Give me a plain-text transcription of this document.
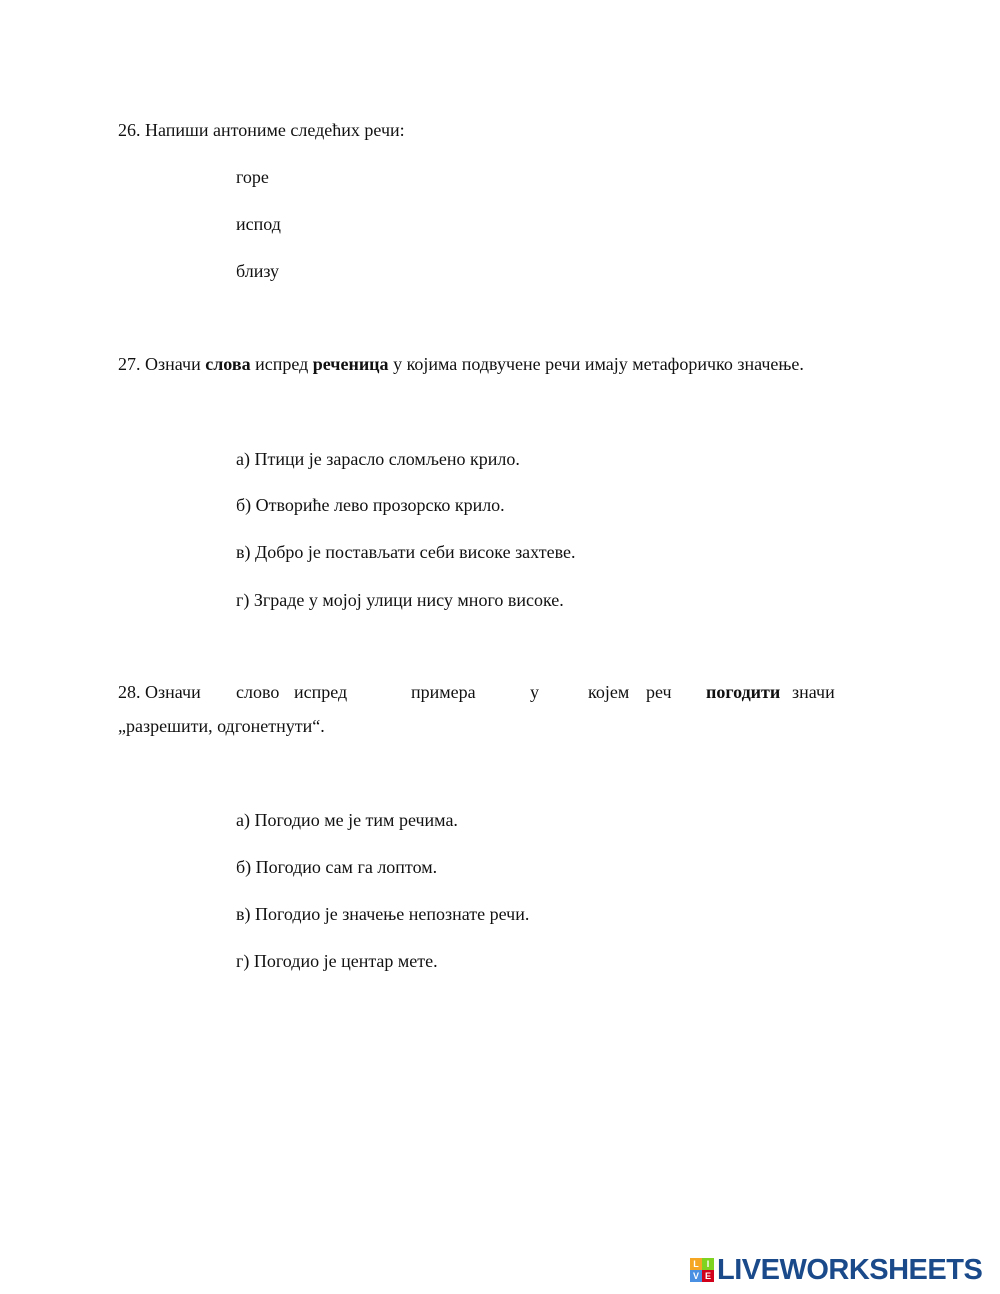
26. Напиши антониме следећих речи:
горе
испод
близу
27. Означи слова испред реченица у којима подвучене речи имају метафоричко значење.
а) Птици је зарасло сломљено крило.
б) Отвориће лево прозорско крило.
в) Добро је постављати себи високе захтеве.
г) Зграде у мојој улици нису много високе.
28. Означи слово испред	примера	у	којем реч погодити значи
„разрешити, одгонетнути“.
а) Погодио ме је тим речима.
б) Погодио сам га лоптом.
в) Погодио је значење непознате речи.
г) Погодио је центар мете.
L I
V E LIVEWORKSHEETS
